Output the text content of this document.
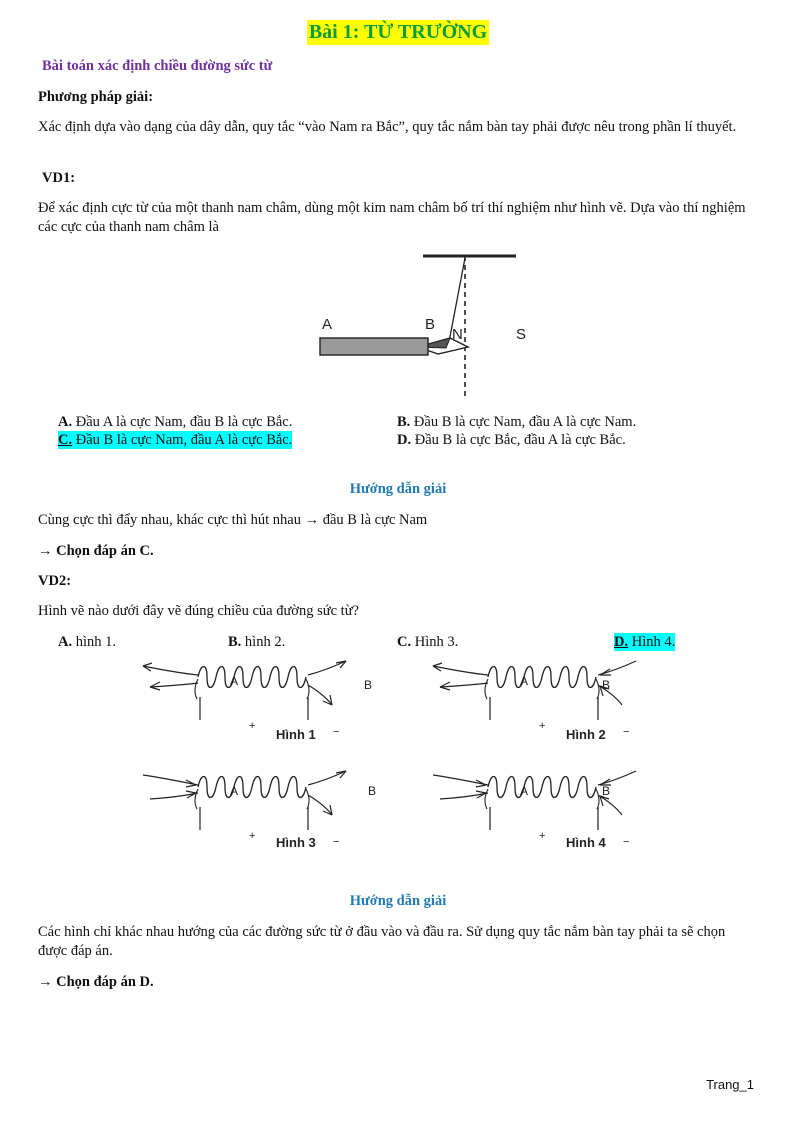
Bài 1: TỪ TRƯỜNG
Bài toán xác định chiều đường sức từ
Phương pháp giải:
Xác định dựa vào dạng của dây dẫn, quy tắc “vào Nam ra Bắc”, quy tắc nắm bàn tay phải được nêu trong phần lí thuyết.
VD1:
Để xác định cực từ của một thanh nam châm, dùng một kim nam châm bố trí thí nghiệm như hình vẽ. Dựa vào thí nghiệm các cực của thanh nam châm là
A	B
N	S
A. Đầu A là cực Nam, đầu B là cực Bắc.	B. Đầu B là cực Nam, đầu A là cực Nam.
C. Đầu B là cực Nam, đầu A là cực Bắc.	D. Đầu B là cực Bắc, đầu A là cực Bắc.
Hướng dẫn giải
Cùng cực thì đẩy nhau, khác cực thì hút nhau → đầu B là cực Nam
→ Chọn đáp án C.
VD2:
Hình vẽ nào dưới đây vẽ đúng chiều của đường sức từ?
A. hình 1.	B. hình 2.	C. Hình 3.	D. Hình 4.
A	B	A	B
A	B	A	B
+	−	+	−
+	−	+	−
Hình 1	Hình 2
Hình 3	Hình 4
Hướng dẫn giải
Các hình chỉ khác nhau hướng của các đường sức từ ở đầu vào và đầu ra. Sử dụng quy tắc nắm bàn tay phải ta sẽ chọn được đáp án.
→ Chọn đáp án D.
Trang_1
